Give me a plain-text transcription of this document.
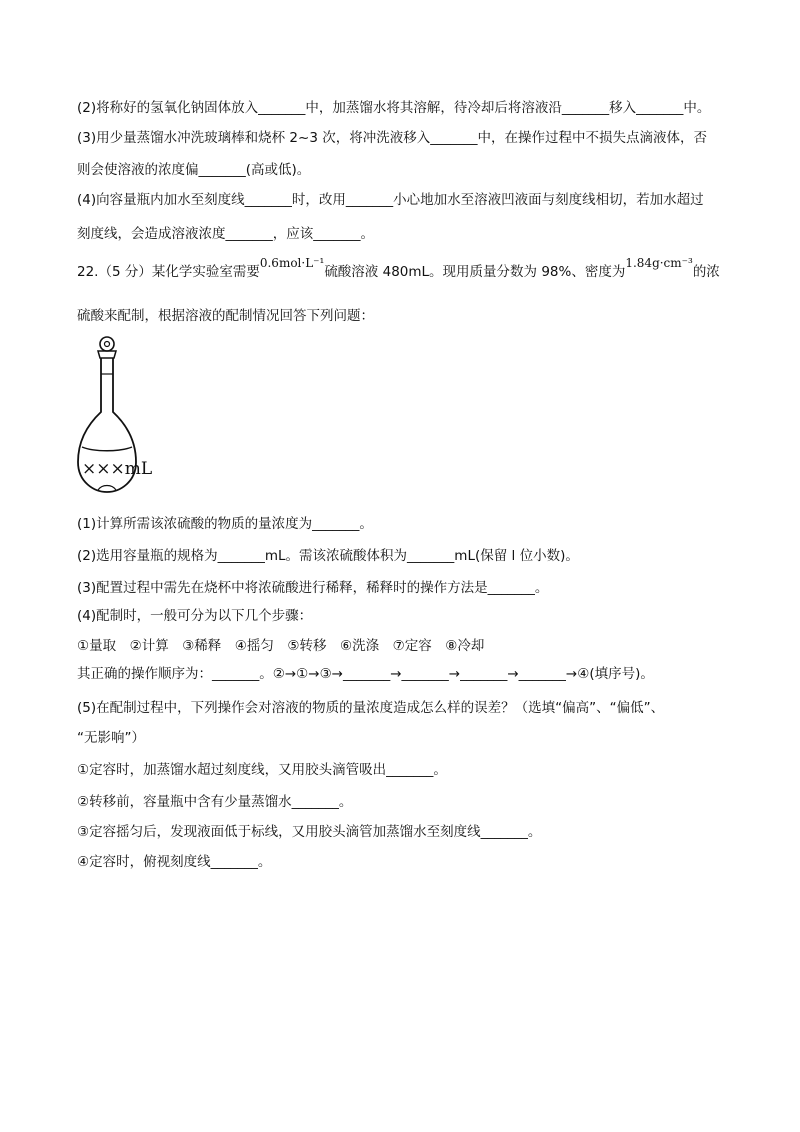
(2)将称好的氢氧化钠固体放入_______中，加蒸馏水将其溶解，待冷却后将溶液沿_______移入_______中。
(3)用少量蒸馏水冲洗玻璃棒和烧杯 2~3 次，将冲洗液移入_______中，在操作过程中不损失点滴液体，否
则会使溶液的浓度偏_______(高或低)。
(4)向容量瓶内加水至刻度线_______时，改用_______小心地加水至溶液凹液面与刻度线相切，若加水超过
刻度线，会造成溶液浓度_______，应该_______。
22.（5 分）某化学实验室需要0.6mol·L⁻¹硫酸溶液 480mL。现用质量分数为 98%、密度为1.84g·cm⁻³的浓
硫酸来配制，根据溶液的配制情况回答下列问题：
×××mL
(1)计算所需该浓硫酸的物质的量浓度为_______。
(2)选用容量瓶的规格为_______mL。需该浓硫酸体积为_______mL(保留 l 位小数)。
(3)配置过程中需先在烧杯中将浓硫酸进行稀释，稀释时的操作方法是_______。
(4)配制时，一般可分为以下几个步骤：
①量取　②计算　③稀释　④摇匀　⑤转移　⑥洗涤　⑦定容　⑧冷却
其正确的操作顺序为：_______。②→①→③→_______→_______→_______→_______→④(填序号)。
(5)在配制过程中，下列操作会对溶液的物质的量浓度造成怎么样的误差？（选填“偏高”、“偏低”、
“无影响”）
①定容时，加蒸馏水超过刻度线，又用胶头滴管吸出_______。
②转移前，容量瓶中含有少量蒸馏水_______。
③定容摇匀后，发现液面低于标线，又用胶头滴管加蒸馏水至刻度线_______。
④定容时，俯视刻度线_______。
